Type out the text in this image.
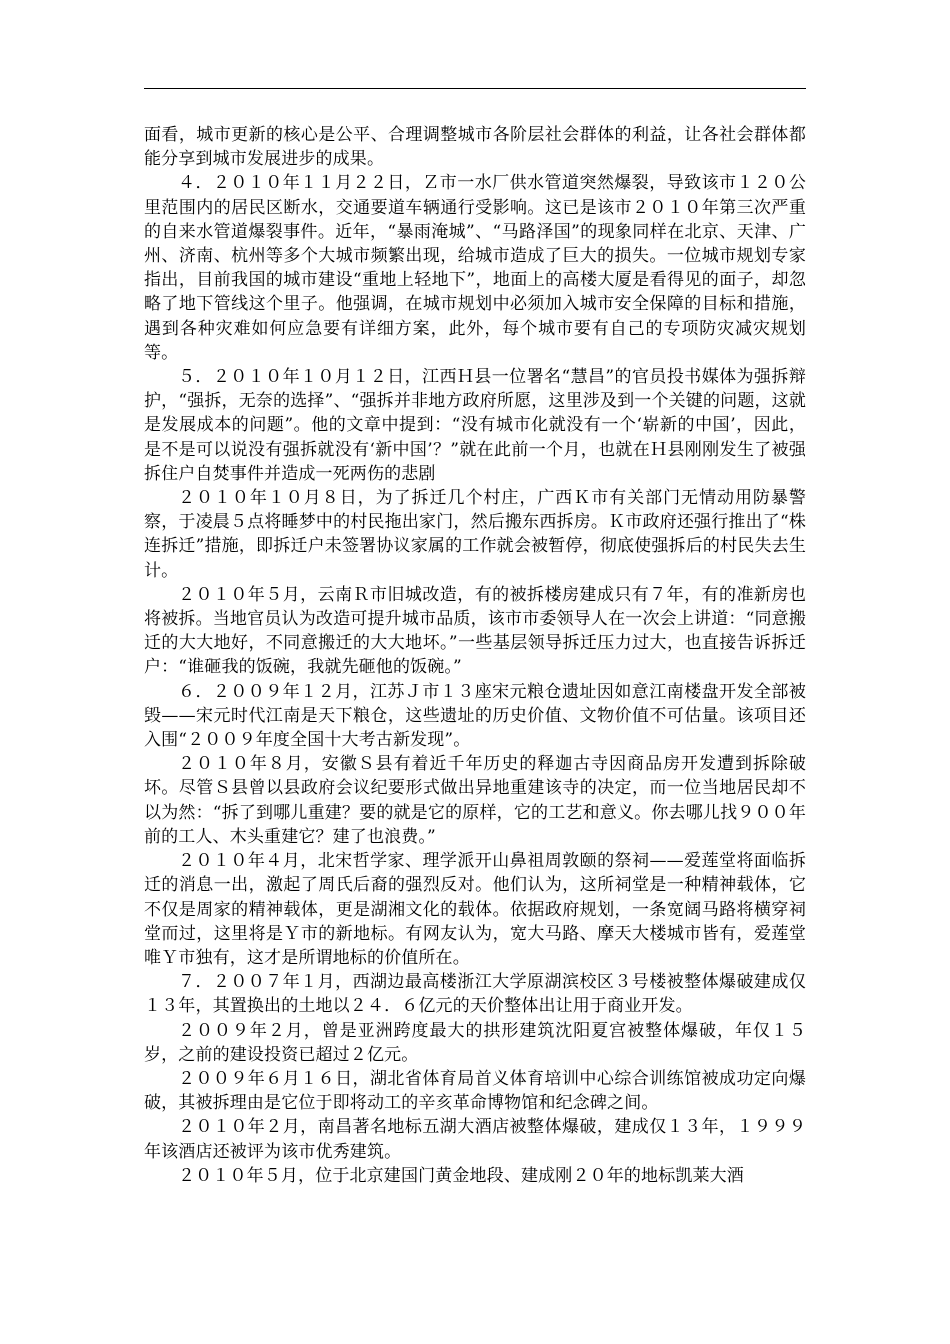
面看，城市更新的核心是公平、合理调整城市各阶层社会群体的利益，让各社会群体都能分享到城市发展进步的成果。

４．２０１０年１１月２２日，Ｚ市一水厂供水管道突然爆裂，导致该市１２０公里范围内的居民区断水，交通要道车辆通行受影响。这已是该市２０１０年第三次严重的自来水管道爆裂事件。近年，“暴雨淹城”、“马路泽国”的现象同样在北京、天津、广州、济南、杭州等多个大城市频繁出现，给城市造成了巨大的损失。一位城市规划专家指出，目前我国的城市建设“重地上轻地下”，地面上的高楼大厦是看得见的面子，却忽略了地下管线这个里子。他强调，在城市规划中必须加入城市安全保障的目标和措施，遇到各种灾难如何应急要有详细方案，此外，每个城市要有自己的专项防灾减灾规划等。

５．２０１０年１０月１２日，江西Ｈ县一位署名“慧昌”的官员投书媒体为强拆辩护，“强拆，无奈的选择”、“强拆并非地方政府所愿，这里涉及到一个关键的问题，这就是发展成本的问题”。他的文章中提到：“没有城市化就没有一个‘崭新的中国’，因此，是不是可以说没有强拆就没有‘新中国’？”就在此前一个月，也就在Ｈ县刚刚发生了被强拆住户自焚事件并造成一死两伤的悲剧

２０１０年１０月８日，为了拆迁几个村庄，广西Ｋ市有关部门无情动用防暴警察，于凌晨５点将睡梦中的村民拖出家门，然后搬东西拆房。Ｋ市政府还强行推出了“株连拆迁”措施，即拆迁户未签署协议家属的工作就会被暂停，彻底使强拆后的村民失去生计。

２０１０年５月，云南Ｒ市旧城改造，有的被拆楼房建成只有７年，有的准新房也将被拆。当地官员认为改造可提升城市品质，该市市委领导人在一次会上讲道：“同意搬迁的大大地好，不同意搬迁的大大地坏。”一些基层领导拆迁压力过大，也直接告诉拆迁户：“谁砸我的饭碗，我就先砸他的饭碗。”

６．２００９年１２月，江苏Ｊ市１３座宋元粮仓遗址因如意江南楼盘开发全部被毁——宋元时代江南是天下粮仓，这些遗址的历史价值、文物价值不可估量。该项目还入围“２００９年度全国十大考古新发现”。

２０１０年８月，安徽Ｓ县有着近千年历史的释迦古寺因商品房开发遭到拆除破坏。尽管Ｓ县曾以县政府会议纪要形式做出异地重建该寺的决定，而一位当地居民却不以为然：“拆了到哪儿重建？要的就是它的原样，它的工艺和意义。你去哪儿找９００年前的工人、木头重建它？建了也浪费。”

２０１０年４月，北宋哲学家、理学派开山鼻祖周敦颐的祭祠——爱莲堂将面临拆迁的消息一出，激起了周氏后裔的强烈反对。他们认为，这所祠堂是一种精神载体，它不仅是周家的精神载体，更是湖湘文化的载体。依据政府规划，一条宽阔马路将横穿祠堂而过，这里将是Ｙ市的新地标。有网友认为，宽大马路、摩天大楼城市皆有，爱莲堂唯Ｙ市独有，这才是所谓地标的价值所在。

７．２００７年１月，西湖边最高楼浙江大学原湖滨校区３号楼被整体爆破建成仅１３年，其置换出的土地以２４．６亿元的天价整体出让用于商业开发。

２００９年２月，曾是亚洲跨度最大的拱形建筑沈阳夏宫被整体爆破，年仅１５岁，之前的建设投资已超过２亿元。

２００９年６月１６日，湖北省体育局首义体育培训中心综合训练馆被成功定向爆破，其被拆理由是它位于即将动工的辛亥革命博物馆和纪念碑之间。

２０１０年２月，南昌著名地标五湖大酒店被整体爆破，建成仅１３年，１９９９年该酒店还被评为该市优秀建筑。

２０１０年５月，位于北京建国门黄金地段、建成刚２０年的地标凯莱大酒
